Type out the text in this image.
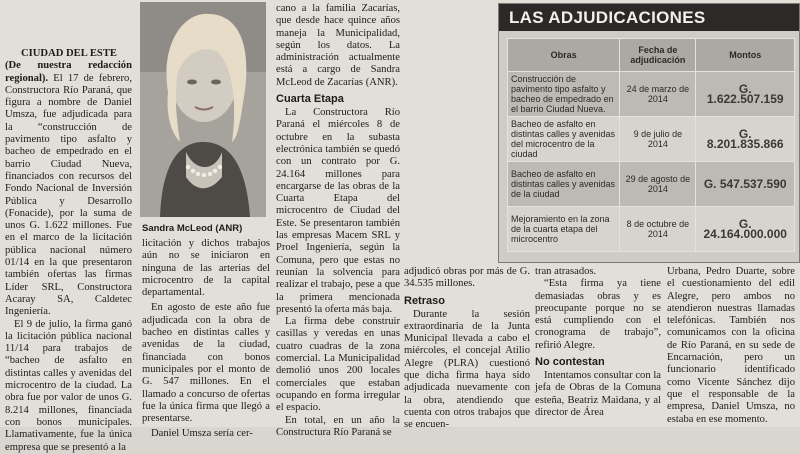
CIUDAD DEL ESTE
(De nuestra redacción regional). El 17 de febrero, Constructora Río Paraná, que figura a nombre de Daniel Umsza, fue adjudicada para la “construcción de pavimento tipo asfalto y bacheo de empedrado en el barrio Ciudad Nueva, financiados con recursos del Fondo Nacional de Inversión Pública y Desarrollo (Fonacide), por la suma de unos G. 1.622 millones. Fue en el marco de la licitación pública nacional número 01/14 en la que presentaron también ofertas las firmas Líder SRL, Constructora Acaray SA, Caldetec Ingeniería.

El 9 de julio, la firma ganó la licitación pública nacional 11/14 para trabajos de “bacheo de asfalto en distintas calles y avenidas del microcentro de la ciudad. La obra fue por valor de unos G. 8.214 millones, financiada con bonos municipales. Llamativamente, fue la única empresa que se presentó a la

Sandra McLeod (ANR)

licitación y dichos trabajos aún no se iniciaron en ninguna de las arterias del microcentro de la capital departamental.

En agosto de este año fue adjudicada con la obra de bacheo en distintas calles y avenidas de la ciudad, financiada con bonos municipales por el monto de G. 547 millones. En el llamado a concurso de ofertas fue la única firma que llegó a presentarse.

Daniel Umsza sería cer-

cano a la familia Zacarías, que desde hace quince años maneja la Municipalidad, según los datos. La administración actualmente está a cargo de Sandra McLeod de Zacarías (ANR).

Cuarta Etapa

La Constructora Río Paraná el miércoles 8 de octubre en la subasta electrónica también se quedó con un contrato por G. 24.164 millones para encargarse de las obras de la Cuarta Etapa del microcentro de Ciudad del Este. Se presentaron también las empresas Macem SRL y Proel Ingeniería, según la Comuna, pero que estas no reunían la solvencia para realizar el trabajo, pese a que la primera mencionada presentó la oferta más baja.

La firma debe construir casillas y veredas en unas cuatro cuadras de la zona comercial. La Municipalidad demolió unos 200 locales comerciales que estaban ocupando en forma irregular el espacio.

En total, en un año la Constructura Río Paraná se

LAS ADJUDICACIONES
Obras	Fecha de adjudicación	Montos
Construcción de pavimento tipo asfalto y bacheo de empedrado en el barrio Ciudad Nueva.	24 de marzo de 2014	G. 1.622.507.159
Bacheo de asfalto en distintas calles y avenidas del microcentro de la ciudad	9 de julio de 2014	G. 8.201.835.866
Bacheo de asfalto en distintas calles y avenidas de la ciudad	29 de agosto de 2014	G. 547.537.590
Mejoramiento en la zona de la cuarta etapa del microcentro	8 de octubre de 2014	G. 24.164.000.000

adjudicó obras por más de G. 34.535 millones.

Retraso

Durante la sesión extraordinaria de la Junta Municipal llevada a cabo el miércoles, el concejal Atilio Alegre (PLRA) cuestionó que dicha firma haya sido adjudicada nuevamente con la obra, atendiendo que cuenta con otros trabajos que se encuen-

tran atrasados.

“Esta firma ya tiene demasiadas obras y es preocupante porque no se está cumpliendo con el cronograma de trabajo”, refirió Alegre.

No contestan

Intentamos consultar con la jefa de Obras de la Comuna esteña, Beatriz Maidana, y al director de Área

Urbana, Pedro Duarte, sobre el cuestionamiento del edil Alegre, pero ambos no atendieron nuestras llamadas telefónicas. También nos comunicamos con la oficina de Río Paraná, en su sede de Encarnación, pero un funcionario identificado como Vicente Sánchez dijo que el responsable de la empresa, Daniel Umsza, no estaba en ese momento.
